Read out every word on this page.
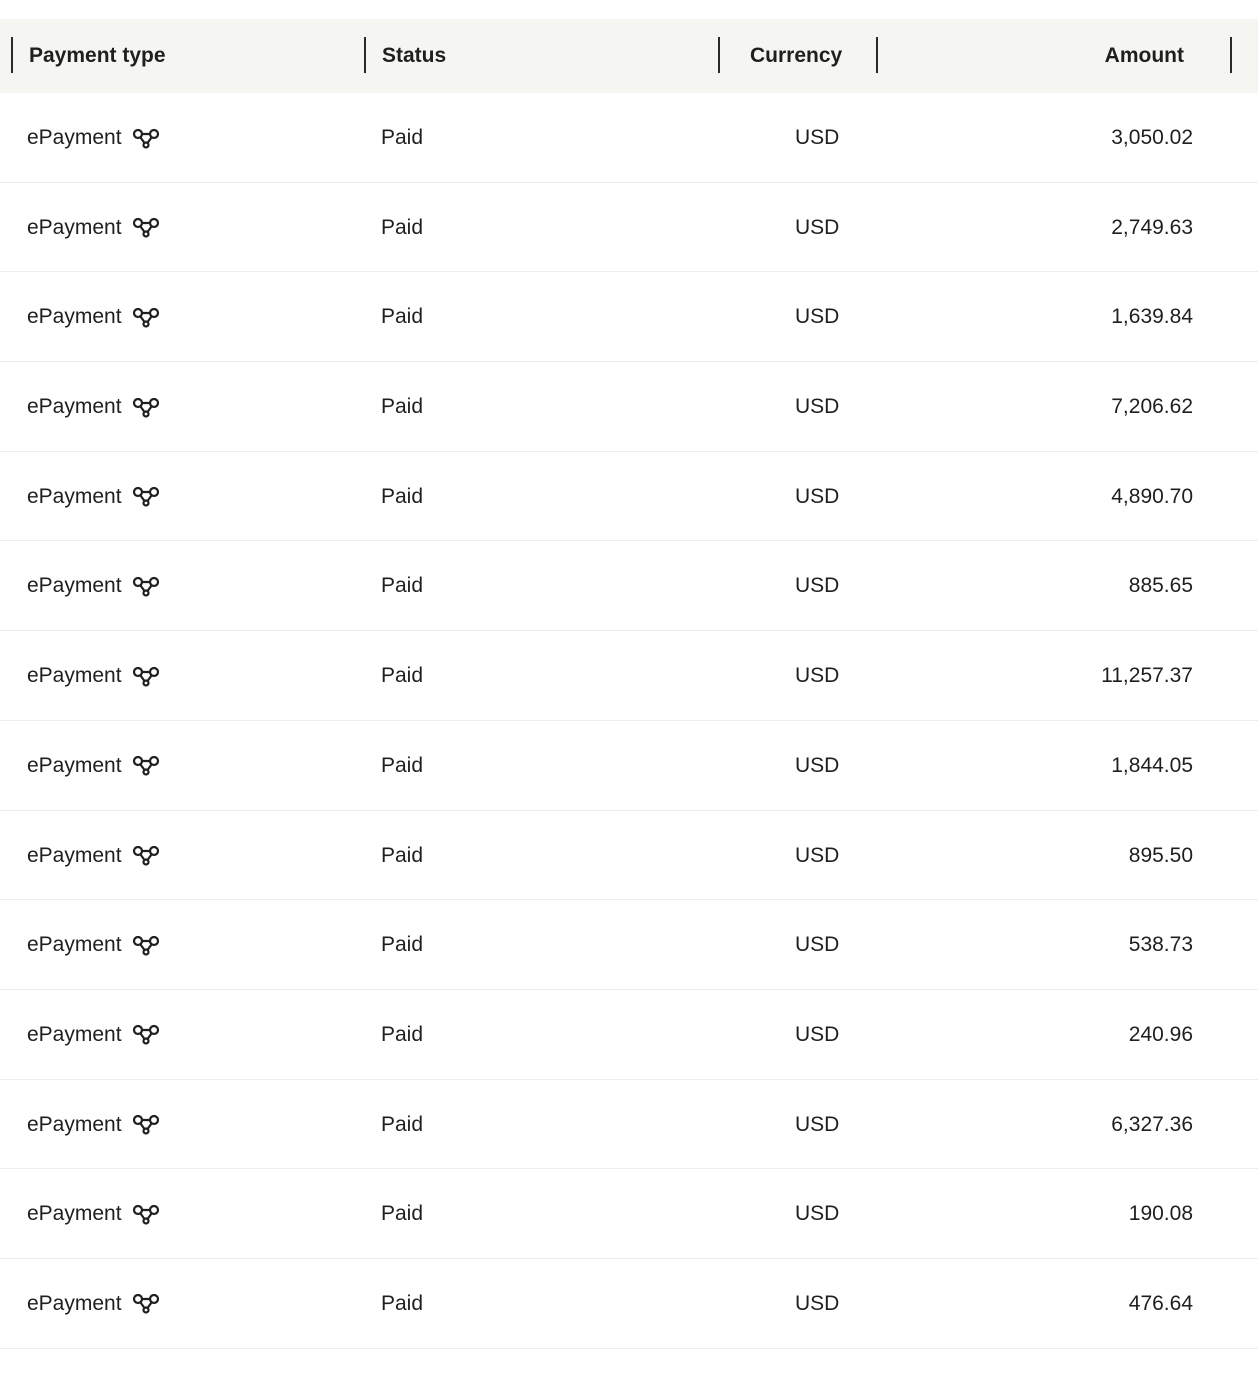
Payment type	Status	Currency	Amount
ePayment	Paid	USD	3,050.02
ePayment	Paid	USD	2,749.63
ePayment	Paid	USD	1,639.84
ePayment	Paid	USD	7,206.62
ePayment	Paid	USD	4,890.70
ePayment	Paid	USD	885.65
ePayment	Paid	USD	11,257.37
ePayment	Paid	USD	1,844.05
ePayment	Paid	USD	895.50
ePayment	Paid	USD	538.73
ePayment	Paid	USD	240.96
ePayment	Paid	USD	6,327.36
ePayment	Paid	USD	190.08
ePayment	Paid	USD	476.64
